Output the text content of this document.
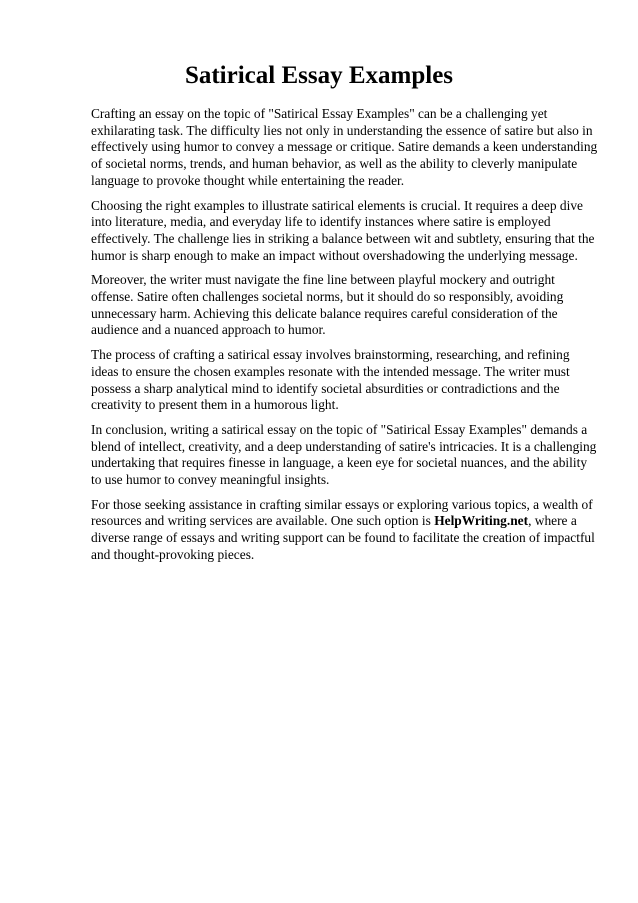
Satirical Essay Examples

Crafting an essay on the topic of "Satirical Essay Examples" can be a challenging yet exhilarating task. The difficulty lies not only in understanding the essence of satire but also in effectively using humor to convey a message or critique. Satire demands a keen understanding of societal norms, trends, and human behavior, as well as the ability to cleverly manipulate language to provoke thought while entertaining the reader.

Choosing the right examples to illustrate satirical elements is crucial. It requires a deep dive into literature, media, and everyday life to identify instances where satire is employed effectively. The challenge lies in striking a balance between wit and subtlety, ensuring that the humor is sharp enough to make an impact without overshadowing the underlying message.

Moreover, the writer must navigate the fine line between playful mockery and outright offense. Satire often challenges societal norms, but it should do so responsibly, avoiding unnecessary harm. Achieving this delicate balance requires careful consideration of the audience and a nuanced approach to humor.

The process of crafting a satirical essay involves brainstorming, researching, and refining ideas to ensure the chosen examples resonate with the intended message. The writer must possess a sharp analytical mind to identify societal absurdities or contradictions and the creativity to present them in a humorous light.

In conclusion, writing a satirical essay on the topic of "Satirical Essay Examples" demands a blend of intellect, creativity, and a deep understanding of satire's intricacies. It is a challenging undertaking that requires finesse in language, a keen eye for societal nuances, and the ability to use humor to convey meaningful insights.

For those seeking assistance in crafting similar essays or exploring various topics, a wealth of resources and writing services are available. One such option is HelpWriting.net, where a diverse range of essays and writing support can be found to facilitate the creation of impactful and thought-provoking pieces.
